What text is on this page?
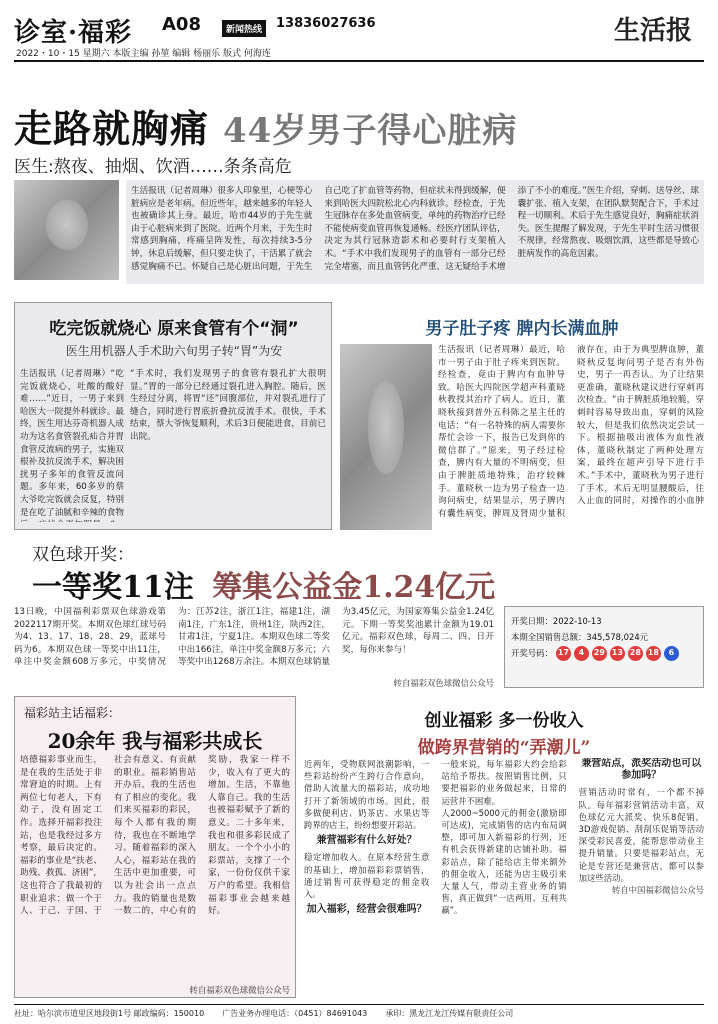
诊室·福彩 A08	新闻热线	13836027636	生活报
2022・10・15 星期六 本版主编 孙堃 编辑 杨丽乐 版式 何海连
走路就胸痛 44岁男子得心脏病
医生:熬夜、抽烟、饮酒……条条高危
生活报讯（记者周琳）很多人印象里，心梗等心脏病应是老年病。但近些年，越来越多的年轻人也被确诊其上身。最近，哈市44岁的于先生就由于心脏病来到了医院。近两个月来，于先生时常感到胸痛，疼痛呈阵发性，每次持续3-5分钟，休息后缓解，但只要走快了，干活累了就会感觉胸痛不已。怀疑自己是心脏出问题，于先生自己吃了扩血管等药物，但症状未得到缓解，便来到哈医大四院松北心内科就诊。经检查，于先生冠脉存在多处血管病变，单纯的药物治疗已经不能使病变血管再恢复通畅。经医疗团队评估，决定为其行冠脉造影术和必要时行支架植入术。“手术中我们发现男子的血管有一部分已经完全堵塞，而且血管钙化严重，这无疑给手术增添了不小的难度。”医生介绍，穿刺、送导丝、球囊扩张、植入支架，在团队默契配合下，手术过程一切顺利。术后于先生感觉良好，胸痛症状消失。医生提醒了解发现，于先生平时生活习惯很不规律，经常熬夜、吸烟饮酒，这些都是导致心脏病发作的高危因素。
吃完饭就烧心 原来食管有个“洞”
医生用机器人手术助六旬男子转“胃”为安
生活报讯（记者周琳）“吃完饭就烧心，吐酸的酸好难……”近日，一男子来到哈医大一院提外科就诊。最终，医生用达芬奇机器人成功为这名食管裂孔疝合并胃食管反流病的男子，实施双根补及抗反流手术，解决困扰男子多年的食管反流问题。多年来，60多岁的蔡大爷吃完饭就会反复，特别是在吃了油腻和辛辣的食物
“手术时，我们发现男子的食管有裂孔扩大很明显。”胃的一部分已经通过裂孔进入胸腔。随后，医生经过分离，将胃“还”回腹部位，并对裂孔进行了缝合，同时进行胃底折叠抗反流手术。很快，手术结束，蔡大爷恢复顺利，术后3日便能进食，目前已出院。
男子肚子疼 脾内长满血肿
生活报讯（记者周琳）最近，哈市一男子由于肚子疼来到医院。经检查，竟由于脾内有血肿导致。哈医大四院医学超声科董晓秋教授其治疗了病人。近日，董晓秋接到普外五科陈之星主任的电话：“有一名特殊的病人需要你帮忙会诊一下，报告已发到你的微信群了。”原来，男子经过检查，脾内有大量的不明病变，但由于脾脏质地特殊，治疗较棘手。董晓秋一边为男子检查一边询问病史，结果显示，男子脾内有囊性病变，脾周及肾周少量积液存在，由于为典型脾血肿，董晓秋反复询问男子是否有外伤史，男子一再否认。为了让结果更准确，董晓秋建议进行穿刺再次检查。“由于脾脏质地较脆，穿刺时容易导致出血，穿刺的风险较大，但是我们依然决定尝试一下。根据抽吸出液体为血性液体，董晓秋制定了两种处理方案，最终在超声引导下进行手术。”手术中，董晓秋为男子进行了手术，术后无明显腰酸后，往入止血的同时，对操作的小血肿
双色球开奖：
一等奖11注 筹集公益金1.24亿元
13日晚，中国福利彩票双色球游戏第2022117期开奖。本期双色球红球号码为4、13、17、18、28、29，蓝球号码为6。本期双色球一等奖中出11注，单注中奖金额608万多元，中奖情况为：江苏2注，浙江1注，福建1注，湖南1注，广东1注，贵州1注，陕西2注，甘肃1注，宁夏1注。本期双色球二等奖中出166注，单注中奖金额8万多元；六等奖中出1268万余注。本期双色球销量为3.45亿元，为国家筹集公益金1.24亿元。下期一等奖奖池累计金额为19.01亿元。福彩双色球，每周二、四、日开奖，每你来参与！
转自福彩双色球微信公众号
开奖日期：2022-10-13
本期全国销售总额：345,578,024元
开奖号码： 17	4	29 13 28 18	6
福彩站主话福彩：
20余年 我与福彩共成长
培德福彩事业而生，是在我的生活处于非常窘迫的时期。上有两位七旬老人，下有幼子，没有固定工作。选择开福彩投注站，也是我经过多方考察，最后决定的。福彩的事业是“扶老、助残、救孤、济困”，这也符合了我最初的职业追求：做一个于人、于己、于国、于社会有意义、有贡献的职业。福彩销售站开办后，我的生活也有了相应的变化。我们来买福彩的彩民，每个人都有我的期待，我也在不断地学习。随着福彩的深入人心，福彩站在我的生活中更加重要，可以为社会出一点点力。我的销量也是数一数二的，中心有的奖励，我家一样不少，收入有了更大的增加。生活，不靠他人靠自己。我的生活也被福彩赋予了新的意义。二十多年来，我也和很多彩民成了朋友。一个个小小的彩票站，支撑了一个家，一份份仅供千家万户的希望。我相信福彩事业会越来越好。
转自福彩双色球微信公众号
创业福彩 多一份收入
做跨界营销的“弄潮儿”

近两年，受物联网浪潮影响，一些彩站纷纷产生跨行合作意向，借助人流量大的福彩站，成功地打开了新领域的市场。因此，很多做便利店、奶茶店、水果店等跨界的店主，纷纷想要开彩站。

兼营福彩有什么好处？

稳定增加收入。在原本经营生意的基础上，增加福彩彩票销售，通过销售可获得稳定的佣金收入。

加入福彩，经营会很难吗？

一般来说，每年福彩大约会给彩站给予帮扶。按照销售比例，只要把福彩的业务做起来，日常的运营并不困难。

人2000~5000元的佣金(激励即可达成)，完成销售的店内布局调整，即可加入新福彩的行列，还有机会获得新建的店铺补助。福彩站点，除了能给店主带来额外的佣金收入，还能为店主吸引来大量人气，带动主营业务的销售，真正做到“一店两用、互利共赢”。

兼营站点，派奖活动也可以参加吗？

营销活动时常有，一个都不掉队。每年福彩营销活动丰富，双色球亿元大派奖、快乐8促销，3D游戏促销、刮刮乐促销等活动深受彩民喜爱，能帮您带动业主提升销量。只要是福彩站点，无论是专营还是兼营店，都可以参加这些活动。

转自中国福彩微信公众号
社址：哈尔滨市道里区地段街1号 邮政编码：150010 广告业务办理电话：（0451）84691043 承印：黑龙江龙江传媒有限责任公司
